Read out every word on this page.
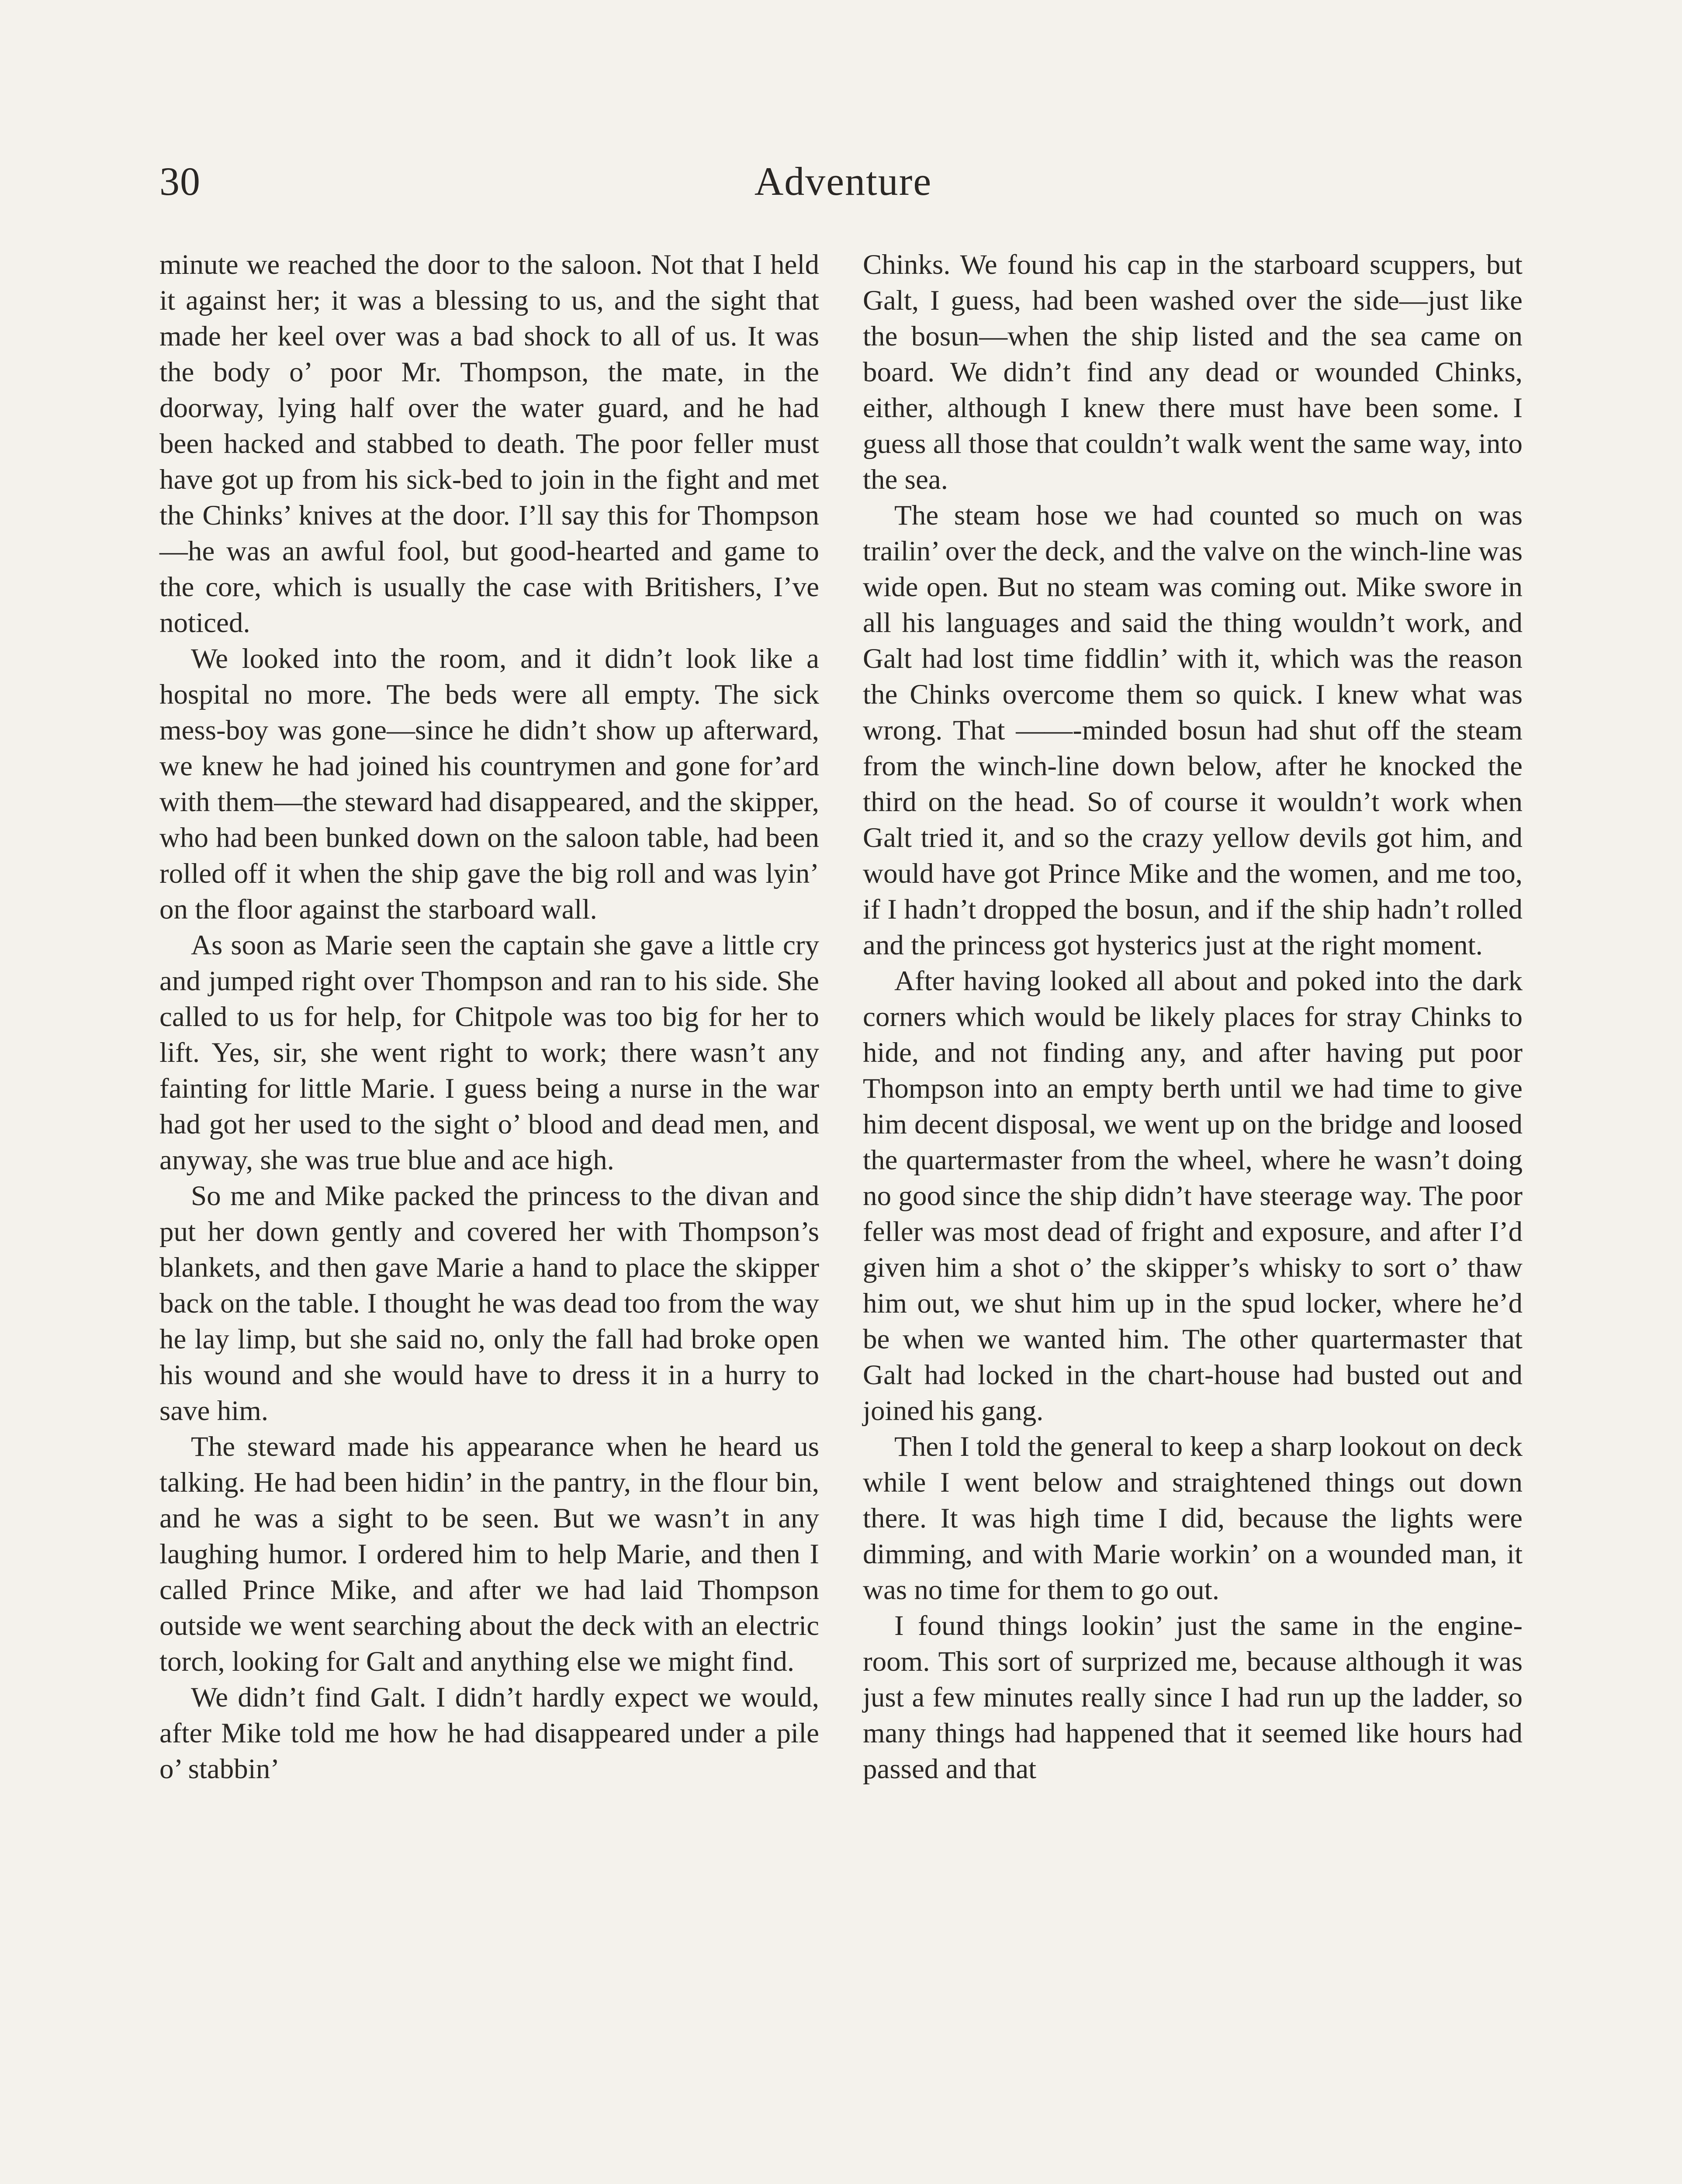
30	Adventure

minute we reached the door to the saloon. Not that I held it against her; it was a blessing to us, and the sight that made her keel over was a bad shock to all of us. It was the body o’ poor Mr. Thompson, the mate, in the doorway, lying half over the water guard, and he had been hacked and stabbed to death. The poor feller must have got up from his sick-bed to join in the fight and met the Chinks’ knives at the door. I’ll say this for Thompson—he was an awful fool, but good-hearted and game to the core, which is usually the case with Britishers, I’ve noticed.

We looked into the room, and it didn’t look like a hospital no more. The beds were all empty. The sick mess-boy was gone—since he didn’t show up afterward, we knew he had joined his countrymen and gone for’ard with them—the steward had disappeared, and the skipper, who had been bunked down on the saloon table, had been rolled off it when the ship gave the big roll and was lyin’ on the floor against the starboard wall.

As soon as Marie seen the captain she gave a little cry and jumped right over Thompson and ran to his side. She called to us for help, for Chitpole was too big for her to lift. Yes, sir, she went right to work; there wasn’t any fainting for little Marie. I guess being a nurse in the war had got her used to the sight o’ blood and dead men, and anyway, she was true blue and ace high.

So me and Mike packed the princess to the divan and put her down gently and covered her with Thompson’s blankets, and then gave Marie a hand to place the skipper back on the table. I thought he was dead too from the way he lay limp, but she said no, only the fall had broke open his wound and she would have to dress it in a hurry to save him.

The steward made his appearance when he heard us talking. He had been hidin’ in the pantry, in the flour bin, and he was a sight to be seen. But we wasn’t in any laughing humor. I ordered him to help Marie, and then I called Prince Mike, and after we had laid Thompson outside we went searching about the deck with an electric torch, looking for Galt and anything else we might find.

We didn’t find Galt. I didn’t hardly expect we would, after Mike told me how he had disappeared under a pile o’ stabbin’

Chinks. We found his cap in the starboard scuppers, but Galt, I guess, had been washed over the side—just like the bosun—when the ship listed and the sea came on board. We didn’t find any dead or wounded Chinks, either, although I knew there must have been some. I guess all those that couldn’t walk went the same way, into the sea.

The steam hose we had counted so much on was trailin’ over the deck, and the valve on the winch-line was wide open. But no steam was coming out. Mike swore in all his languages and said the thing wouldn’t work, and Galt had lost time fiddlin’ with it, which was the reason the Chinks overcome them so quick. I knew what was wrong. That ——-minded bosun had shut off the steam from the winch-line down below, after he knocked the third on the head. So of course it wouldn’t work when Galt tried it, and so the crazy yellow devils got him, and would have got Prince Mike and the women, and me too, if I hadn’t dropped the bosun, and if the ship hadn’t rolled and the princess got hysterics just at the right moment.

After having looked all about and poked into the dark corners which would be likely places for stray Chinks to hide, and not finding any, and after having put poor Thompson into an empty berth until we had time to give him decent disposal, we went up on the bridge and loosed the quartermaster from the wheel, where he wasn’t doing no good since the ship didn’t have steerage way. The poor feller was most dead of fright and exposure, and after I’d given him a shot o’ the skipper’s whisky to sort o’ thaw him out, we shut him up in the spud locker, where he’d be when we wanted him. The other quartermaster that Galt had locked in the chart-house had busted out and joined his gang.

Then I told the general to keep a sharp lookout on deck while I went below and straightened things out down there. It was high time I did, because the lights were dimming, and with Marie workin’ on a wounded man, it was no time for them to go out.

I found things lookin’ just the same in the engine-room. This sort of surprized me, because although it was just a few minutes really since I had run up the ladder, so many things had happened that it seemed like hours had passed and that
